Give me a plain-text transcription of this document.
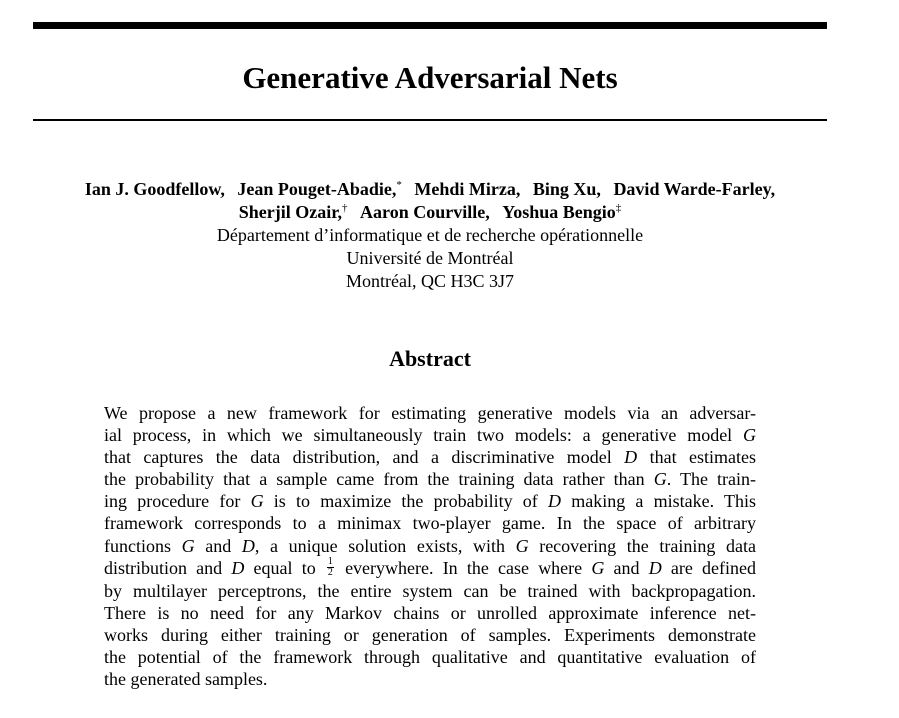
Generative Adversarial Nets
Ian J. Goodfellow, Jean Pouget-Abadie,* Mehdi Mirza, Bing Xu, David Warde-Farley,
Sherjil Ozair,† Aaron Courville, Yoshua Bengio‡
Département d’informatique et de recherche opérationnelle
Université de Montréal
Montréal, QC H3C 3J7
Abstract
We propose a new framework for estimating generative models via an adversar-
ial process, in which we simultaneously train two models: a generative model G
that captures the data distribution, and a discriminative model D that estimates
the probability that a sample came from the training data rather than G. The train-
ing procedure for G is to maximize the probability of D making a mistake. This
framework corresponds to a minimax two-player game. In the space of arbitrary
functions G and D, a unique solution exists, with G recovering the training data
distribution and D equal to $\frac{1}{2}$ everywhere. In the case where G and D are defined
by multilayer perceptrons, the entire system can be trained with backpropagation.
There is no need for any Markov chains or unrolled approximate inference net-
works during either training or generation of samples. Experiments demonstrate
the potential of the framework through qualitative and quantitative evaluation of
the generated samples.
